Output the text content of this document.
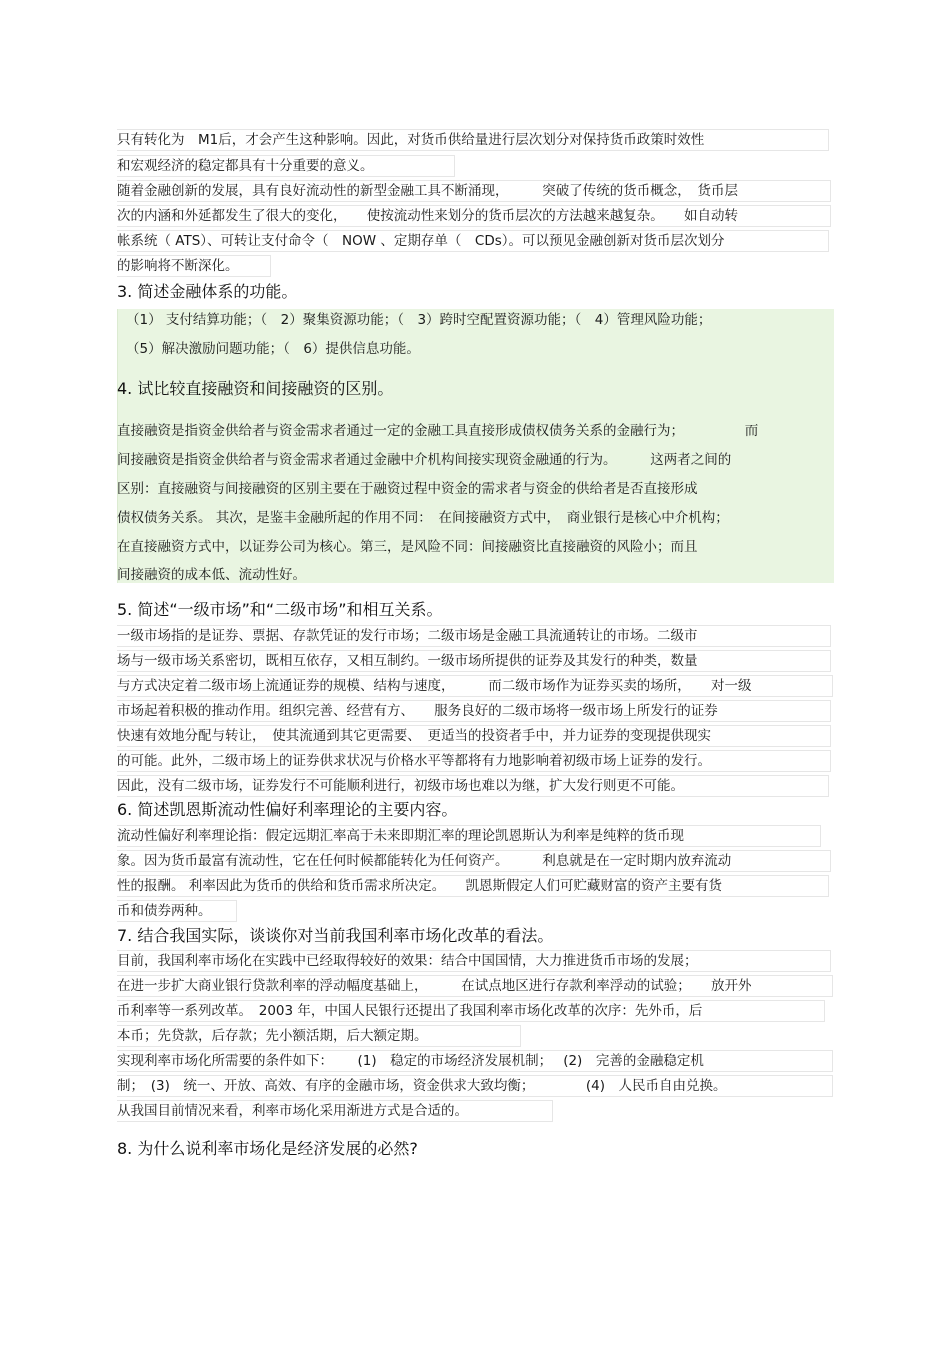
只有转化为　M1后，才会产生这种影响。因此，对货币供给量进行层次划分对保持货币政策时效性
和宏观经济的稳定都具有十分重要的意义。
随着金融创新的发展，具有良好流动性的新型金融工具不断涌现，　　　突破了传统的货币概念，　货币层
次的内涵和外延都发生了很大的变化，　　使按流动性来划分的货币层次的方法越来越复杂。　　如自动转
帐系统（ ATS）、可转让支付命令（　NOW 、定期存单（　CDs）。可以预见金融创新对货币层次划分
的影响将不断深化。
3. 简述金融体系的功能。
（1） 支付结算功能；（　2）聚集资源功能；（　3）跨时空配置资源功能；（　4）管理风险功能；
（5）解决激励问题功能；（　6）提供信息功能。
4. 试比较直接融资和间接融资的区别。
直接融资是指资金供给者与资金需求者通过一定的金融工具直接形成债权债务关系的金融行为；　　　　　而
间接融资是指资金供给者与资金需求者通过金融中介机构间接实现资金融通的行为。　　　这两者之间的
区别：直接融资与间接融资的区别主要在于融资过程中资金的需求者与资金的供给者是否直接形成
债权债务关系。 其次，是鉴丰金融所起的作用不同：　在间接融资方式中，　商业银行是核心中介机构；
在直接融资方式中，以证券公司为核心。第三，是风险不同：间接融资比直接融资的风险小；而且
间接融资的成本低、流动性好。
5. 简述“一级市场”和“二级市场”和相互关系。
一级市场指的是证券、票据、存款凭证的发行市场；二级市场是金融工具流通转让的市场。二级市
场与一级市场关系密切，既相互依存，又相互制约。一级市场所提供的证券及其发行的种类，数量
与方式决定着二级市场上流通证券的规模、结构与速度，　　　而二级市场作为证券买卖的场所，　　对一级
市场起着积极的推动作用。组织完善、经营有方、　　服务良好的二级市场将一级市场上所发行的证券
快速有效地分配与转让，　使其流通到其它更需要、　更适当的投资者手中，并力证券的变现提供现实
的可能。此外，二级市场上的证券供求状况与价格水平等都将有力地影响着初级市场上证券的发行。
因此，没有二级市场，证券发行不可能顺利进行，初级市场也难以为继，扩大发行则更不可能。
6. 简述凯恩斯流动性偏好利率理论的主要内容。
流动性偏好利率理论指：假定远期汇率高于未来即期汇率的理论凯恩斯认为利率是纯粹的货币现
象。因为货币最富有流动性，它在任何时候都能转化为任何资产。　　　利息就是在一定时期内放弃流动
性的报酬。 利率因此为货币的供给和货币需求所决定。　　凯恩斯假定人们可贮藏财富的资产主要有货
币和债券两种。
7. 结合我国实际，谈谈你对当前我国利率市场化改革的看法。
目前，我国利率市场化在实践中已经取得较好的效果：结合中国国情，大力推进货币市场的发展；
在进一步扩大商业银行贷款利率的浮动幅度基础上，　　　在试点地区进行存款利率浮动的试验；　　放开外
币利率等一系列改革。　2003 年，中国人民银行还提出了我国利率市场化改革的次序：先外币，后
本币；先贷款，后存款；先小额活期，后大额定期。
实现利率市场化所需要的条件如下：　　 (1)　稳定的市场经济发展机制；　 (2)　完善的金融稳定机
制；　(3)　统一、开放、高效、有序的金融市场，资金供求大致均衡；　　　　 (4)　人民币自由兑换。
从我国目前情况来看，利率市场化采用渐进方式是合适的。
8. 为什么说利率市场化是经济发展的必然?
